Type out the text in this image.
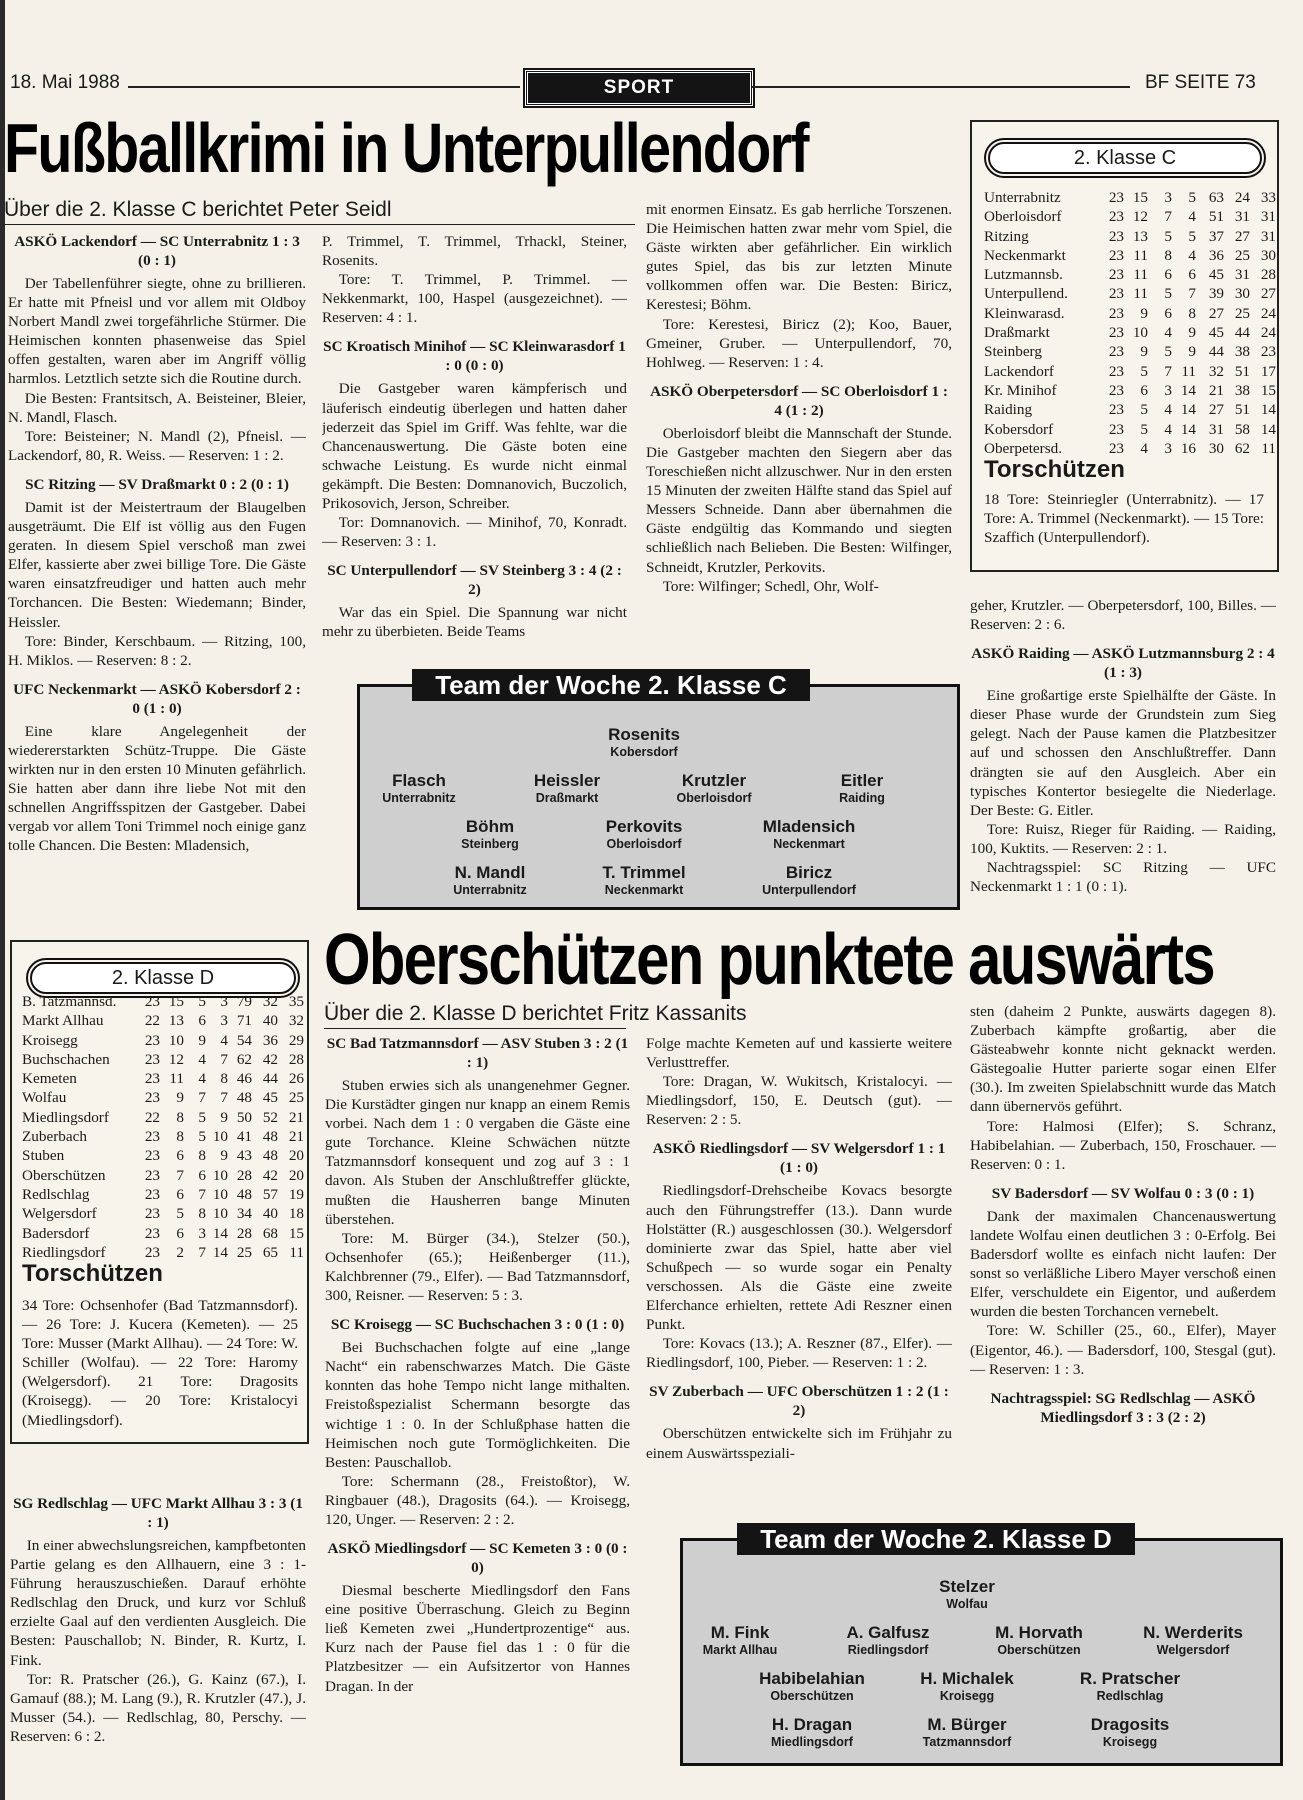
18. Mai 1988	SPORT	BF SEITE 73
Fußballkrimi in Unterpullendorf
Über die 2. Klasse C berichtet Peter Seidl

ASKÖ Lackendorf — SC Unterrabnitz 1 : 3 (0 : 1)

Der Tabellenführer siegte, ohne zu brillieren. Er hatte mit Pfneisl und vor allem mit Oldboy Norbert Mandl zwei torgefährliche Stürmer. Die Heimischen konnten phasenweise das Spiel offen gestalten, waren aber im Angriff völlig harmlos. Letztlich setzte sich die Routine durch.

Die Besten: Frantsitsch, A. Beisteiner, Bleier, N. Mandl, Flasch.

Tore: Beisteiner; N. Mandl (2), Pfneisl. — Lackendorf, 80, R. Weiss. — Reserven: 1 : 2.

SC Ritzing — SV Draßmarkt 0 : 2 (0 : 1)

Damit ist der Meistertraum der Blaugelben ausgeträumt. Die Elf ist völlig aus den Fugen geraten. In diesem Spiel verschoß man zwei Elfer, kassierte aber zwei billige Tore. Die Gäste waren einsatzfreudiger und hatten auch mehr Torchancen. Die Besten: Wiedemann; Binder, Heissler.

Tore: Binder, Kerschbaum. — Ritzing, 100, H. Miklos. — Reserven: 8 : 2.

UFC Neckenmarkt — ASKÖ Kobersdorf 2 : 0 (1 : 0)

Eine klare Angelegenheit der wiedererstarkten Schütz-Truppe. Die Gäste wirkten nur in den ersten 10 Minuten gefährlich. Sie hatten aber dann ihre liebe Not mit den schnellen Angriffsspitzen der Gastgeber. Dabei vergab vor allem Toni Trimmel noch einige ganz tolle Chancen. Die Besten: Mladensich,

P. Trimmel, T. Trimmel, Trhackl, Steiner, Rosenits.

Tore: T. Trimmel, P. Trimmel. — Nekkenmarkt, 100, Haspel (ausgezeichnet). — Reserven: 4 : 1.

SC Kroatisch Minihof — SC Kleinwarasdorf 1 : 0 (0 : 0)

Die Gastgeber waren kämpferisch und läuferisch eindeutig überlegen und hatten daher jederzeit das Spiel im Griff. Was fehlte, war die Chancenauswertung. Die Gäste boten eine schwache Leistung. Es wurde nicht einmal gekämpft. Die Besten: Domnanovich, Buczolich, Prikosovich, Jerson, Schreiber.

Tor: Domnanovich. — Minihof, 70, Konradt. — Reserven: 3 : 1.

SC Unterpullendorf — SV Steinberg 3 : 4 (2 : 2)

War das ein Spiel. Die Spannung war nicht mehr zu überbieten. Beide Teams

mit enormen Einsatz. Es gab herrliche Torszenen. Die Heimischen hatten zwar mehr vom Spiel, die Gäste wirkten aber gefährlicher. Ein wirklich gutes Spiel, das bis zur letzten Minute vollkommen offen war. Die Besten: Biricz, Kerestesi; Böhm.

Tore: Kerestesi, Biricz (2); Koo, Bauer, Gmeiner, Gruber. — Unterpullendorf, 70, Hohlweg. — Reserven: 1 : 4.

ASKÖ Oberpetersdorf — SC Oberloisdorf 1 : 4 (1 : 2)

Oberloisdorf bleibt die Mannschaft der Stunde. Die Gastgeber machten den Siegern aber das Toreschießen nicht allzuschwer. Nur in den ersten 15 Minuten der zweiten Hälfte stand das Spiel auf Messers Schneide. Dann aber übernahmen die Gäste endgültig das Kommando und siegten schließlich nach Belieben. Die Besten: Wilfinger, Schneidt, Krutzler, Perkovits.

Tore: Wilfinger; Schedl, Ohr, Wolf-

geher, Krutzler. — Oberpetersdorf, 100, Billes. — Reserven: 2 : 6.

ASKÖ Raiding — ASKÖ Lutzmannsburg 2 : 4 (1 : 3)

Eine großartige erste Spielhälfte der Gäste. In dieser Phase wurde der Grundstein zum Sieg gelegt. Nach der Pause kamen die Platzbesitzer auf und schossen den Anschlußtreffer. Dann drängten sie auf den Ausgleich. Aber ein typisches Kontertor besiegelte die Niederlage. Der Beste: G. Eitler.

Tore: Ruisz, Rieger für Raiding. — Raiding, 100, Kuktits. — Reserven: 2 : 1.

Nachtragsspiel: SC Ritzing — UFC Neckenmarkt 1 : 1 (0 : 1).

2. Klasse C
Unterrabnitz	23	15	3	5	63	24	33
Oberloisdorf	23	12	7	4	51	31	31
Ritzing	23	13	5	5	37	27	31
Neckenmarkt	23	11	8	4	36	25	30
Lutzmannsb.	23	11	6	6	45	31	28
Unterpullend.	23	11	5	7	39	30	27
Kleinwarasd.	23	9	6	8	27	25	24
Draßmarkt	23	10	4	9	45	44	24
Steinberg	23	9	5	9	44	38	23
Lackendorf	23	5	7	11	32	51	17
Kr. Minihof	23	6	3	14	21	38	15
Raiding	23	5	4	14	27	51	14
Kobersdorf	23	5	4	14	31	58	14
Oberpetersd.	23	4	3	16	30	62	11
Torschützen
18 Tore: Steinriegler (Unterrabnitz). — 17 Tore: A. Trimmel (Neckenmarkt). — 15 Tore: Szaffich (Unterpullendorf).
Team der Woche 2. Klasse C
Rosenits
Kobersdorf
Flasch
Unterrabnitz
Heissler
Draßmarkt
Krutzler
Oberloisdorf
Eitler
Raiding
Böhm
Steinberg
Perkovits
Oberloisdorf
Mladensich
Neckenmart
N. Mandl
Unterrabnitz
T. Trimmel
Neckenmarkt
Biricz
Unterpullendorf
Oberschützen punktete auswärts
Über die 2. Klasse D berichtet Fritz Kassanits
2. Klasse D
B. Tatzmannsd.	23	15	5	3	79	32	35
Markt Allhau	22	13	6	3	71	40	32
Kroisegg	23	10	9	4	54	36	29
Buchschachen	23	12	4	7	62	42	28
Kemeten	23	11	4	8	46	44	26
Wolfau	23	9	7	7	48	45	25
Miedlingsdorf	22	8	5	9	50	52	21
Zuberbach	23	8	5	10	41	48	21
Stuben	23	6	8	9	43	48	20
Oberschützen	23	7	6	10	28	42	20
Redlschlag	23	6	7	10	48	57	19
Welgersdorf	23	5	8	10	34	40	18
Badersdorf	23	6	3	14	28	68	15
Riedlingsdorf	23	2	7	14	25	65	11
Torschützen
34 Tore: Ochsenhofer (Bad Tatzmannsdorf). — 26 Tore: J. Kucera (Kemeten). — 25 Tore: Musser (Markt Allhau). — 24 Tore: W. Schiller (Wolfau). — 22 Tore: Haromy (Welgersdorf). 21 Tore: Dragosits (Kroisegg). — 20 Tore: Kristalocyi (Miedlingsdorf).

SG Redlschlag — UFC Markt Allhau 3 : 3 (1 : 1)

In einer abwechslungsreichen, kampfbetonten Partie gelang es den Allhauern, eine 3 : 1-Führung herauszuschießen. Darauf erhöhte Redlschlag den Druck, und kurz vor Schluß erzielte Gaal auf den verdienten Ausgleich. Die Besten: Pauschallob; N. Binder, R. Kurtz, I. Fink.

Tor: R. Pratscher (26.), G. Kainz (67.), I. Gamauf (88.); M. Lang (9.), R. Krutzler (47.), J. Musser (54.). — Redlschlag, 80, Perschy. — Reserven: 6 : 2.

SC Bad Tatzmannsdorf — ASV Stuben 3 : 2 (1 : 1)

Stuben erwies sich als unangenehmer Gegner. Die Kurstädter gingen nur knapp an einem Remis vorbei. Nach dem 1 : 0 vergaben die Gäste eine gute Torchance. Kleine Schwächen nützte Tatzmannsdorf konsequent und zog auf 3 : 1 davon. Als Stuben der Anschlußtreffer glückte, mußten die Hausherren bange Minuten überstehen.

Tore: M. Bürger (34.), Stelzer (50.), Ochsenhofer (65.); Heißenberger (11.), Kalchbrenner (79., Elfer). — Bad Tatzmannsdorf, 300, Reisner. — Reserven: 5 : 3.

SC Kroisegg — SC Buchschachen 3 : 0 (1 : 0)

Bei Buchschachen folgte auf eine „lange Nacht“ ein rabenschwarzes Match. Die Gäste konnten das hohe Tempo nicht lange mithalten. Freistoßspezialist Schermann besorgte das wichtige 1 : 0. In der Schlußphase hatten die Heimischen noch gute Tormöglichkeiten. Die Besten: Pauschallob.

Tore: Schermann (28., Freistoßtor), W. Ringbauer (48.), Dragosits (64.). — Kroisegg, 120, Unger. — Reserven: 2 : 2.

ASKÖ Miedlingsdorf — SC Kemeten 3 : 0 (0 : 0)

Diesmal bescherte Miedlingsdorf den Fans eine positive Überraschung. Gleich zu Beginn ließ Kemeten zwei „Hundertprozentige“ aus. Kurz nach der Pause fiel das 1 : 0 für die Platzbesitzer — ein Aufsitzertor von Hannes Dragan. In der

Folge machte Kemeten auf und kassierte weitere Verlusttreffer.

Tore: Dragan, W. Wukitsch, Kristalocyi. — Miedlingsdorf, 150, E. Deutsch (gut). — Reserven: 2 : 5.

ASKÖ Riedlingsdorf — SV Welgersdorf 1 : 1 (1 : 0)

Riedlingsdorf-Drehscheibe Kovacs besorgte auch den Führungstreffer (13.). Dann wurde Holstätter (R.) ausgeschlossen (30.). Welgersdorf dominierte zwar das Spiel, hatte aber viel Schußpech — so wurde sogar ein Penalty verschossen. Als die Gäste eine zweite Elferchance erhielten, rettete Adi Reszner einen Punkt.

Tore: Kovacs (13.); A. Reszner (87., Elfer). — Riedlingsdorf, 100, Pieber. — Reserven: 1 : 2.

SV Zuberbach — UFC Oberschützen 1 : 2 (1 : 2)

Oberschützen entwickelte sich im Frühjahr zu einem Auswärtsspeziali-

sten (daheim 2 Punkte, auswärts dagegen 8). Zuberbach kämpfte großartig, aber die Gästeabwehr konnte nicht geknackt werden. Gästegoalie Hutter parierte sogar einen Elfer (30.). Im zweiten Spielabschnitt wurde das Match dann übernervös geführt.

Tore: Halmosi (Elfer); S. Schranz, Habibelahian. — Zuberbach, 150, Froschauer. — Reserven: 0 : 1.

SV Badersdorf — SV Wolfau 0 : 3 (0 : 1)

Dank der maximalen Chancenauswertung landete Wolfau einen deutlichen 3 : 0-Erfolg. Bei Badersdorf wollte es einfach nicht laufen: Der sonst so verläßliche Libero Mayer verschoß einen Elfer, verschuldete ein Eigentor, und außerdem wurden die besten Torchancen vernebelt.

Tore: W. Schiller (25., 60., Elfer), Mayer (Eigentor, 46.). — Badersdorf, 100, Stesgal (gut). — Reserven: 1 : 3.

Nachtragsspiel: SG Redlschlag — ASKÖ Miedlingsdorf 3 : 3 (2 : 2)

Team der Woche 2. Klasse D
Stelzer
Wolfau
M. Fink
Markt Allhau
A. Galfusz
Riedlingsdorf
M. Horvath
Oberschützen
N. Werderits
Welgersdorf
Habibelahian
Oberschützen
H. Michalek
Kroisegg
R. Pratscher
Redlschlag
H. Dragan
Miedlingsdorf
M. Bürger
Tatzmannsdorf
Dragosits
Kroisegg
